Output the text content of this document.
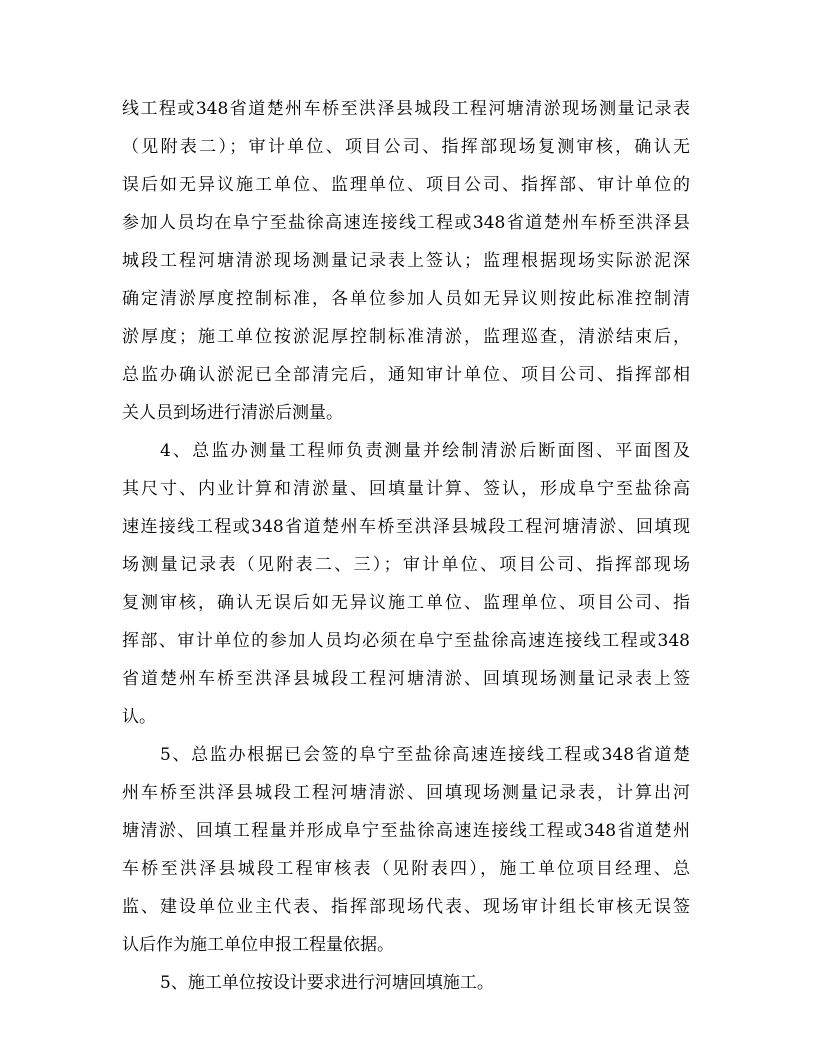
线工程或348省道楚州车桥至洪泽县城段工程河塘清淤现场测量记录表
（见附表二）；审计单位、项目公司、指挥部现场复测审核，确认无
误后如无异议施工单位、监理单位、项目公司、指挥部、审计单位的
参加人员均在阜宁至盐徐高速连接线工程或348省道楚州车桥至洪泽县
城段工程河塘清淤现场测量记录表上签认；监理根据现场实际淤泥深
确定清淤厚度控制标准，各单位参加人员如无异议则按此标准控制清
淤厚度；施工单位按淤泥厚控制标准清淤，监理巡查，清淤结束后，
总监办确认淤泥已全部清完后，通知审计单位、项目公司、指挥部相
关人员到场进行清淤后测量。
4、总监办测量工程师负责测量并绘制清淤后断面图、平面图及
其尺寸、内业计算和清淤量、回填量计算、签认，形成阜宁至盐徐高
速连接线工程或348省道楚州车桥至洪泽县城段工程河塘清淤、回填现
场测量记录表（见附表二、三）；审计单位、项目公司、指挥部现场
复测审核，确认无误后如无异议施工单位、监理单位、项目公司、指
挥部、审计单位的参加人员均必须在阜宁至盐徐高速连接线工程或348
省道楚州车桥至洪泽县城段工程河塘清淤、回填现场测量记录表上签
认。
5、总监办根据已会签的阜宁至盐徐高速连接线工程或348省道楚
州车桥至洪泽县城段工程河塘清淤、回填现场测量记录表，计算出河
塘清淤、回填工程量并形成阜宁至盐徐高速连接线工程或348省道楚州
车桥至洪泽县城段工程审核表（见附表四），施工单位项目经理、总
监、建设单位业主代表、指挥部现场代表、现场审计组长审核无误签
认后作为施工单位申报工程量依据。
5、施工单位按设计要求进行河塘回填施工。
